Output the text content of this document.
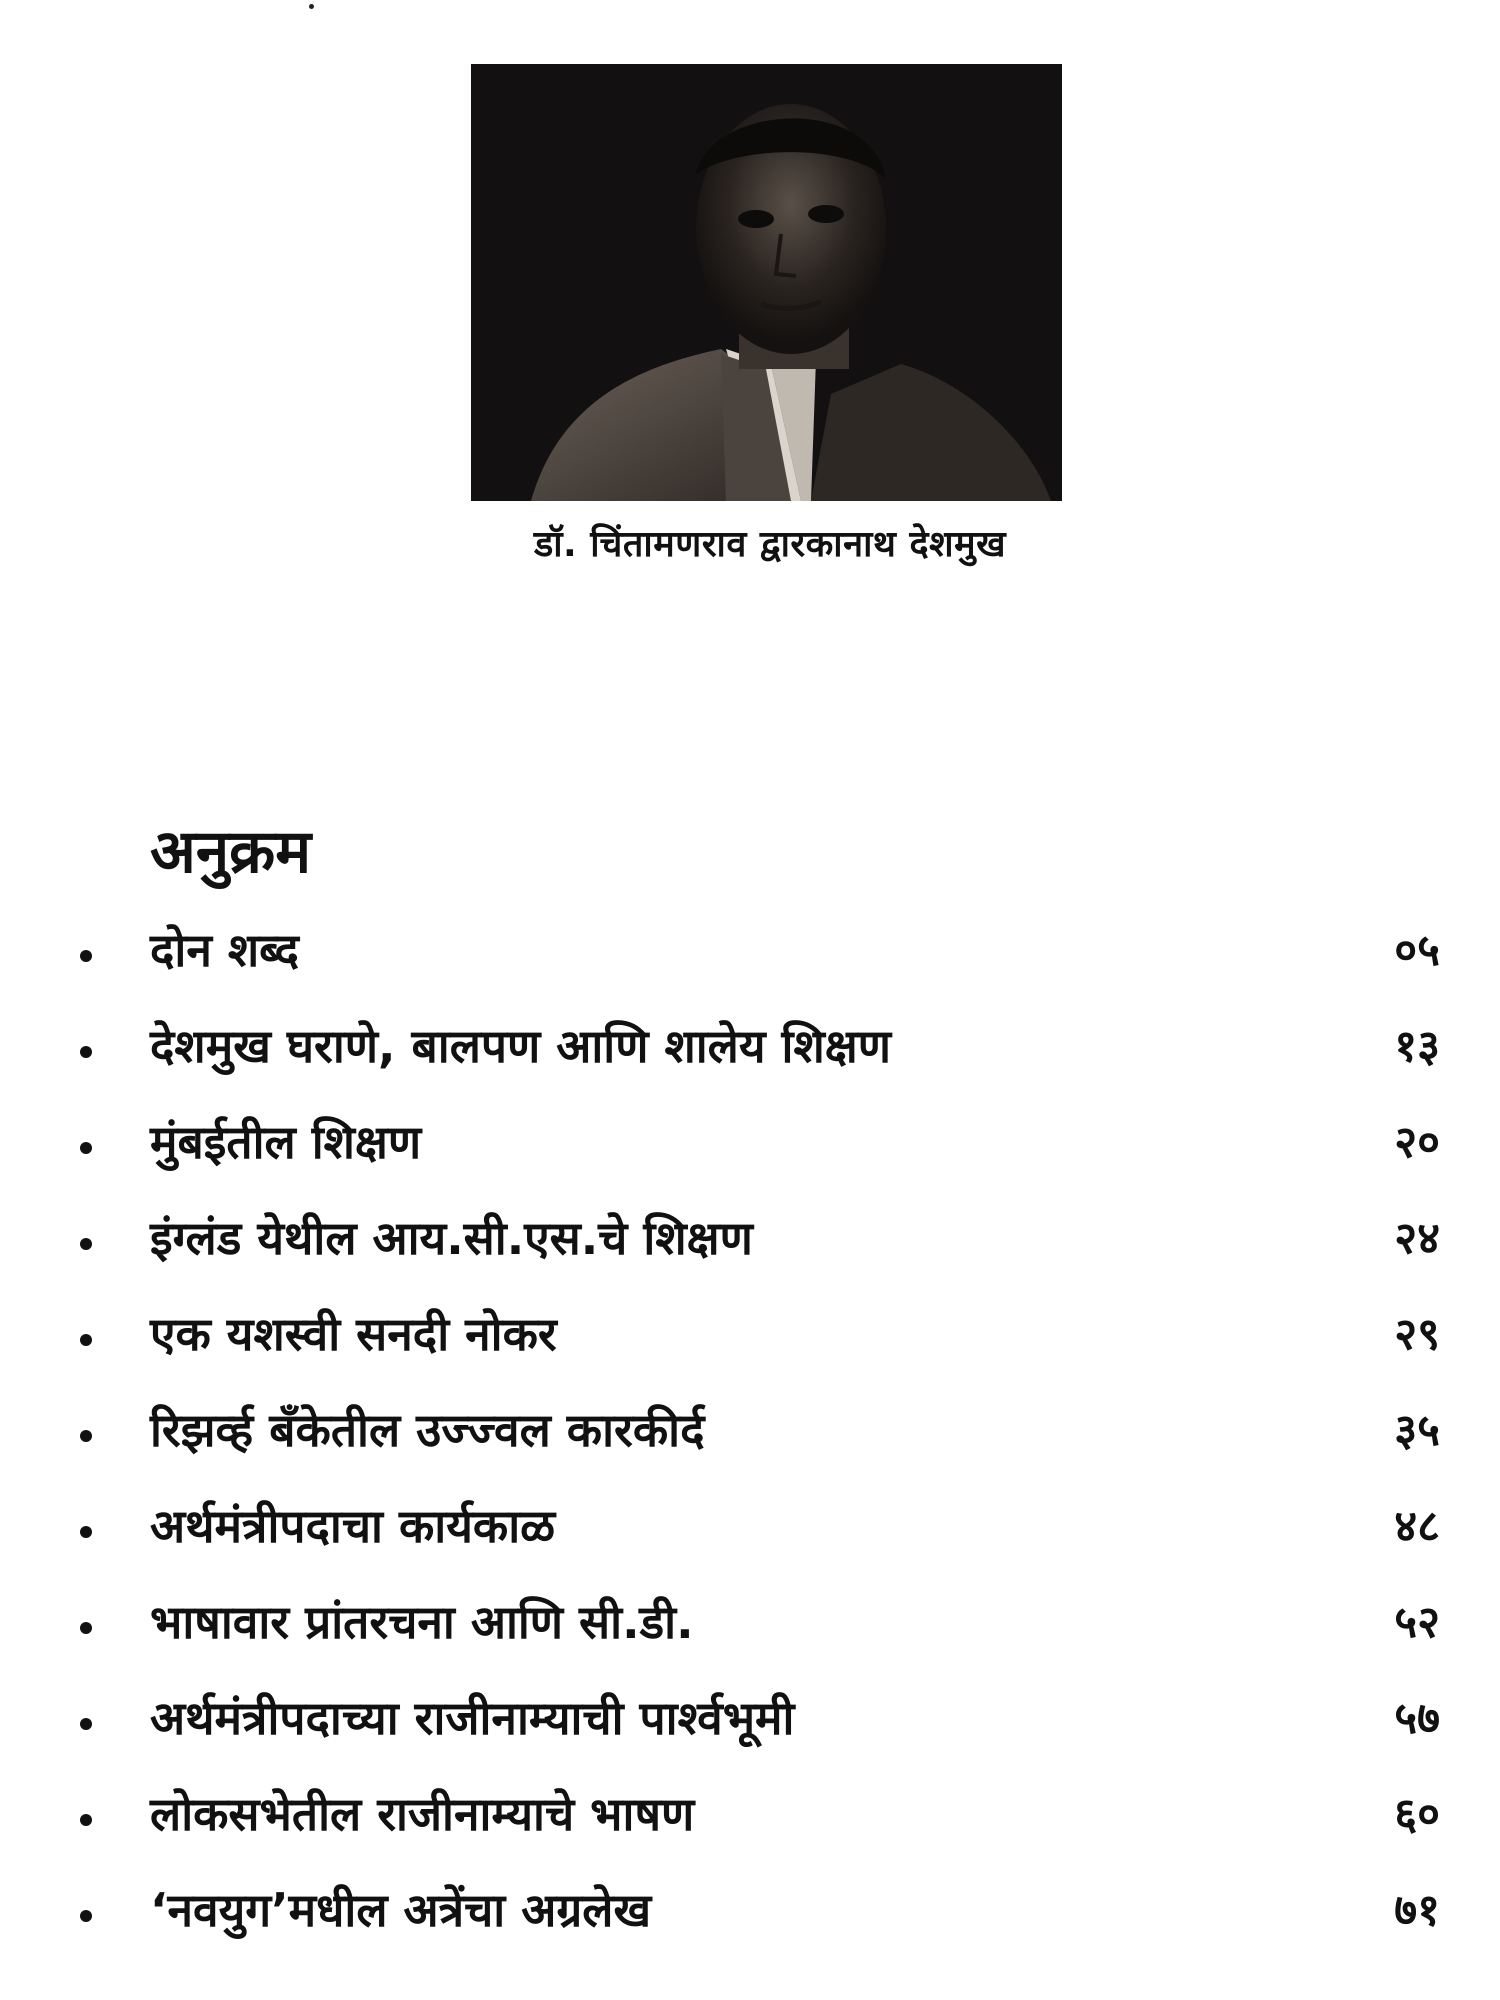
डॉ. चिंतामणराव द्वारकानाथ देशमुख
अनुक्रम
दोन शब्द	०५
देशमुख घराणे, बालपण आणि शालेय शिक्षण	१३
मुंबईतील शिक्षण	२०
इंग्लंड येथील आय.सी.एस.चे शिक्षण	२४
एक यशस्वी सनदी नोकर	२९
रिझर्व्ह बँकेतील उज्ज्वल कारकीर्द	३५
अर्थमंत्रीपदाचा कार्यकाळ	४८
भाषावार प्रांतरचना आणि सी.डी.	५२
अर्थमंत्रीपदाच्या राजीनाम्याची पार्श्वभूमी	५७
लोकसभेतील राजीनाम्याचे भाषण	६०
‘नवयुग’मधील अत्रेंचा अग्रलेख	७१
